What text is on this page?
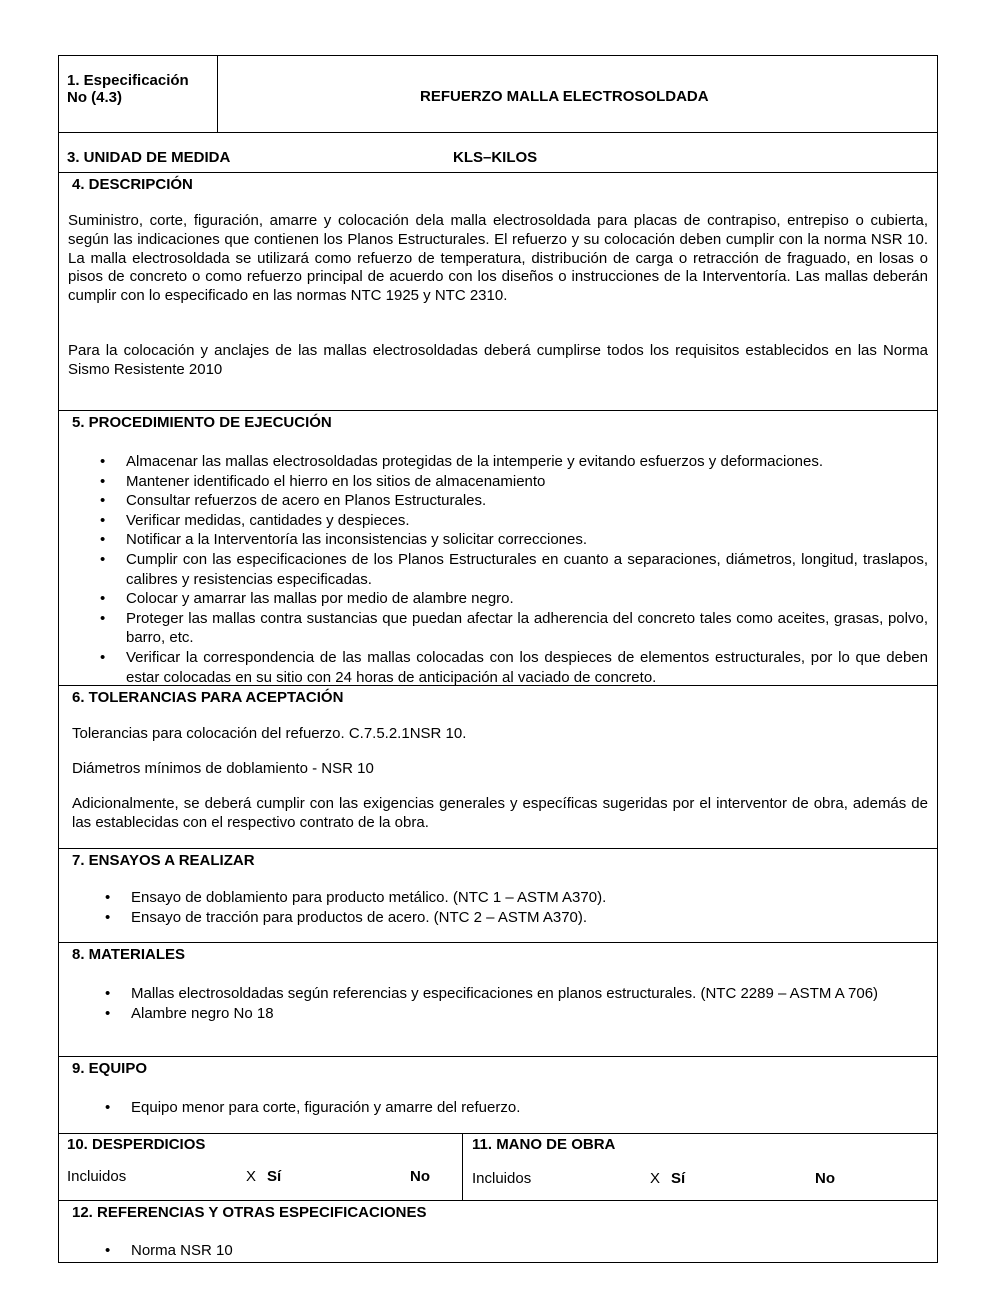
1. Especificación
No (4.3)	REFUERZO MALLA ELECTROSOLDADA
3. UNIDAD DE MEDIDA	KLS–KILOS
4. DESCRIPCIÓN

Suministro, corte, figuración, amarre y colocación dela malla electrosoldada para placas de contrapiso, entrepiso o cubierta, según las indicaciones que contienen los Planos Estructurales. El refuerzo y su colocación deben cumplir con la norma NSR 10. La malla electrosoldada se utilizará como refuerzo de temperatura, distribución de carga o retracción de fraguado, en losas o pisos de concreto o como refuerzo principal de acuerdo con los diseños o instrucciones de la Interventoría. Las mallas deberán cumplir con lo especificado en las normas NTC 1925 y NTC 2310.

Para la colocación y anclajes de las mallas electrosoldadas deberá cumplirse todos los requisitos establecidos en las Norma Sismo Resistente 2010

5. PROCEDIMIENTO DE EJECUCIÓN
• Almacenar las mallas electrosoldadas protegidas de la intemperie y evitando esfuerzos y deformaciones.
• Mantener identificado el hierro en los sitios de almacenamiento
• Consultar refuerzos de acero en Planos Estructurales.
• Verificar medidas, cantidades y despieces.
• Notificar a la Interventoría las inconsistencias y solicitar correcciones.
• Cumplir con las especificaciones de los Planos Estructurales en cuanto a separaciones, diámetros, longitud, traslapos, calibres y resistencias especificadas.
• Colocar y amarrar las mallas por medio de alambre negro.
• Proteger las mallas contra sustancias que puedan afectar la adherencia del concreto tales como aceites, grasas, polvo, barro, etc.
• Verificar la correspondencia de las mallas colocadas con los despieces de elementos estructurales, por lo que deben estar colocadas en su sitio con 24 horas de anticipación al vaciado de concreto.
6. TOLERANCIAS PARA ACEPTACIÓN

Tolerancias para colocación del refuerzo. C.7.5.2.1NSR 10.

Diámetros mínimos de doblamiento - NSR 10

Adicionalmente, se deberá cumplir con las exigencias generales y específicas sugeridas por el interventor de obra, además de las establecidas con el respectivo contrato de la obra.

7. ENSAYOS A REALIZAR
• Ensayo de doblamiento para producto metálico. (NTC 1 – ASTM A370).
• Ensayo de tracción para productos de acero. (NTC 2 – ASTM A370).
8. MATERIALES
• Mallas electrosoldadas según referencias y especificaciones en planos estructurales. (NTC 2289 – ASTM A 706)
• Alambre negro No 18
9. EQUIPO
• Equipo menor para corte, figuración y amarre del refuerzo.
10. DESPERDICIOS
Incluidos	X Sí	No
11. MANO DE OBRA
Incluidos	X Sí	No
12. REFERENCIAS Y OTRAS ESPECIFICACIONES
• Norma NSR 10
